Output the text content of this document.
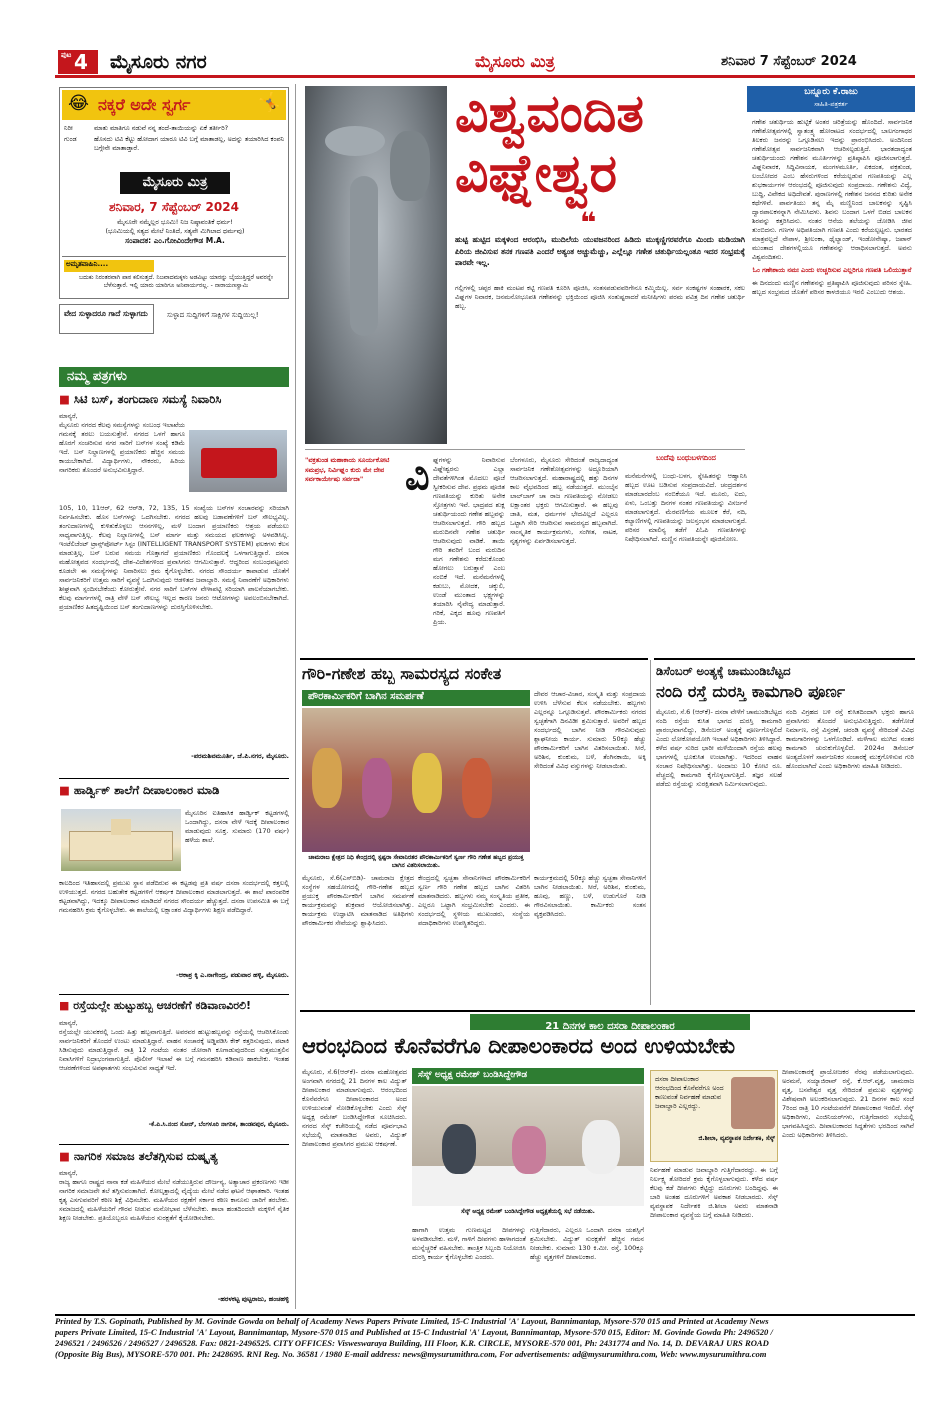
ಪುಟ 4 ಮೈಸೂರು ನಗರ	ಮೈಸೂರು ಮಿತ್ರ	ಶನಿವಾರ 7 ಸೆಪ್ಟೆಂಬರ್ 2024
😂 ನಕ್ಕರೆ ಅದೇ ಸ್ವರ್ಗ	🤸
ನಿರೀ	ಮಾತು ಮಾತಿಗೂ ನಡುವೆ ನನ್ನ ತಂದೆ-ತಾಯಿಯನ್ನು ಏಕೆ ತರ್ತೀರಿ?
ಗುಂಡ	ಹೊಸದು ಟಿವಿ ಕೆಟ್ಟು ಹೋದಾಗ ಯಾರೂ ಟಿವಿ ಬಗ್ಗೆ ಮಾತಾಡಲ್ಲ, ಅದನ್ನು ತಯಾರಿಸಿದ ಕಂಪನಿ ಬಗ್ಗೇನೇ ಮಾತಾಡ್ತಾರೆ.
ಮೈಸೂರು ಮಿತ್ರ
ಶನಿವಾರ, 7 ಸೆಪ್ಟೆಂಬರ್ 2024
ಮೈಸೂರೇ ನಮ್ಮೆಲ್ಲರ ಭೂಮಿ! ನಿಜ ನಿಷ್ಠಾವಂತಿಕೆ ಧರ್ಮ!
(ಭೂಮಿಯಲ್ಲಿ ಸತ್ಯದ ಮೇಲೆ ನಿಂತಿದೆ, ಸತ್ಯವೇ ಮಿಗಿಲಾದ ಧರ್ಮವು)
ಸಂಪಾದಕ: ಎಂ.ಗೋವಿಂದೇಗೌಡ M.A.
ಅಮೃತವಾಹಿನಿ....
ಬದುಕು ನಿರಂತರವಾಗಿ ಪಾಠ ಕಲಿಸುತ್ತದೆ. ನಿಜವಾದಮಕ್ಕಳು ಅಡವಿಟ್ಟು ಯಾರನ್ನು ಬೈಯುತ್ತಿದ್ದರೆ ಅವರನ್ನೇ ಬೆಳೆಸುತ್ತಾರೆ. ಇಲ್ಲಿ ಯಾರು ಯಾರಿಗೂ ಅನಿವಾರ್ಯರಲ್ಲ. - ನಾರಾಯಣಸ್ವಾಮಿ
ವೇದ ಸುಳ್ಳಾದರೂ ಗಾದೆ ಸುಳ್ಳಾಗದು	ಸುಳ್ಳಾದ ಸುದ್ದಿಗಳಿಗೆ ಸಾಕ್ಷಿಗಳ ಸುದ್ದಿಯಿಲ್ಲ!
ನಮ್ಮ ಪತ್ರಗಳು
■ ಸಿಟಿ ಬಸ್, ತಂಗುದಾಣ ಸಮಸ್ಯೆ ನಿವಾರಿಸಿ
ಮಾನ್ಯರೆ,
ಮೈಸೂರು ನಗರದ ಕೆಲವು ಸಮಸ್ಯೆಗಳನ್ನು ಸಂಬಂಧ ಇಲಾಖೆಯ ಗಮನಕ್ಕೆ ತರಲು ಬಯಸುತ್ತೇನೆ. ನಗರದ ಒಳಗೆ ಹಾಗೂ ಹೊರಗೆ ಸಂಚರಿಸುವ ನಗರ ಸಾರಿಗೆ ಬಸ್‌ಗಳ ಸಂಖ್ಯೆ ಕಡಿಮೆ ಇದೆ. ಬಸ್ ನಿಲ್ದಾಣಗಳಲ್ಲಿ ಪ್ರಯಾಣಿಕರು ಹೆಚ್ಚಿನ ಸಮಯ ಕಾಯಬೇಕಾಗಿದೆ. ವಿದ್ಯಾರ್ಥಿಗಳು, ನೌಕರರು, ಹಿರಿಯ ನಾಗರಿಕರು ತೊಂದರೆ ಅನುಭವಿಸುತ್ತಿದ್ದಾರೆ.
105, 10, 11ಆರ್, 62 ಆರ್‌ಡಿ, 72, 135, 15 ಸಂಖ್ಯೆಯ ಬಸ್‌ಗಳ ಸಂಚಾರವನ್ನು ಸರಿಯಾಗಿ ನಿರ್ವಹಿಸಬೇಕು. ಹೊಸ ಬಸ್‌ಗಳನ್ನು ಒದಗಿಸಬೇಕು. ನಗರದ ಹಲವು ಬಡಾವಣೆಗಳಿಗೆ ಬಸ್ ಸೌಲಭ್ಯವಿಲ್ಲ. ತಂಗುದಾಣಗಳಲ್ಲಿ ಕುಳಿತುಕೊಳ್ಳಲು ಆಸನಗಳಿಲ್ಲ, ಮಳೆ ಬಂದಾಗ ಪ್ರಯಾಣಿಕರು ಆಶ್ರಯ ಪಡೆಯಲು ಸಾಧ್ಯವಾಗುತ್ತಿಲ್ಲ. ಕೆಲವು ನಿಲ್ದಾಣಗಳಲ್ಲಿ ಬಸ್ ಮಾರ್ಗ ಮತ್ತು ಸಮಯದ ಫಲಕಗಳನ್ನು ಅಳವಡಿಸಿಲ್ಲ. ಇಂಟೆಲಿಜೆಂಟ್ ಟ್ರಾನ್ಸ್‌ಪೋರ್ಟ್ ಸಿಸ್ಟಂ (INTELLIGENT TRANSPORT SYSTEM) ಫಲಕಗಳು ಕೆಲಸ ಮಾಡುತ್ತಿಲ್ಲ. ಬಸ್ ಬರುವ ಸಮಯ ಗೊತ್ತಾಗದೆ ಪ್ರಯಾಣಿಕರು ಗೊಂದಲಕ್ಕೆ ಒಳಗಾಗುತ್ತಿದ್ದಾರೆ. ದಸರಾ ಮಹೋತ್ಸವದ ಸಂದರ್ಭದಲ್ಲಿ ದೇಶ-ವಿದೇಶಗಳಿಂದ ಪ್ರವಾಸಿಗರು ಆಗಮಿಸುತ್ತಾರೆ. ಆದ್ದರಿಂದ ಸಂಬಂಧಪಟ್ಟವರು ಕೂಡಲೇ ಈ ಸಮಸ್ಯೆಗಳನ್ನು ನಿವಾರಿಸಲು ಕ್ರಮ ಕೈಗೊಳ್ಳಬೇಕು. ನಗರದ ಸೌಂದರ್ಯ ಕಾಪಾಡುವ ಜೊತೆಗೆ ಸಾರ್ವಜನಿಕರಿಗೆ ಉತ್ತಮ ಸಾರಿಗೆ ವ್ಯವಸ್ಥೆ ಒದಗಿಸುವುದು ಆಡಳಿತದ ಜವಾಬ್ದಾರಿ. ಸಮಸ್ಯೆ ನಿವಾರಣೆಗೆ ಅಧಿಕಾರಿಗಳು ಶೀಘ್ರವಾಗಿ ಸ್ಪಂದಿಸಬೇಕೆಂದು ಕೋರುತ್ತೇನೆ. ನಗರ ಸಾರಿಗೆ ಬಸ್‌ಗಳ ವೇಳಾಪಟ್ಟಿ ಸರಿಯಾಗಿ ಪಾಲನೆಯಾಗಬೇಕು. ಕೆಲವು ಮಾರ್ಗಗಳಲ್ಲಿ ರಾತ್ರಿ ವೇಳೆ ಬಸ್ ಸೌಲಭ್ಯ ಇಲ್ಲದ ಕಾರಣ ಜನರು ಆಟೋಗಳನ್ನು ಅವಲಂಬಿಸಬೇಕಾಗಿದೆ. ಪ್ರಯಾಣಿಕರ ಹಿತದೃಷ್ಟಿಯಿಂದ ಬಸ್ ತಂಗುದಾಣಗಳನ್ನು ದುರಸ್ತಿಗೊಳಿಸಬೇಕು.
-ಪರಮಶಿವಮೂರ್ತಿ, ಜೆ.ಪಿ.ನಗರ, ಮೈಸೂರು.
■ ಹಾರ್ಡ್ವಿಕ್ ಶಾಲೆಗೆ ದೀಪಾಲಂಕಾರ ಮಾಡಿ
ಮೈಸೂರಿನ ಐತಿಹಾಸಿಕ ಹಾರ್ಡ್ವಿಕ್ ಕಟ್ಟಡಗಳಲ್ಲಿ ಒಂದಾಗಿದ್ದು, ದಸರಾ ವೇಳೆ ಇದಕ್ಕೆ ದೀಪಾಲಂಕಾರ ಮಾಡುವುದು ಸೂಕ್ತ. ಸುಮಾರು (170 ವರ್ಷ) ಹಳೆಯ ಶಾಲೆ.
ಕಾಲದಿಂದ ಇತಿಹಾಸದಲ್ಲಿ ಪ್ರಮುಖ ಸ್ಥಾನ ಪಡೆದಿರುವ ಈ ಕಟ್ಟಡವು ಪ್ರತಿ ವರ್ಷ ದಸರಾ ಸಂದರ್ಭದಲ್ಲಿ ಕತ್ತಲಲ್ಲಿ ಉಳಿಯುತ್ತದೆ. ನಗರದ ಬಹುತೇಕ ಕಟ್ಟಡಗಳಿಗೆ ಆಕರ್ಷಕ ದೀಪಾಲಂಕಾರ ಮಾಡಲಾಗುತ್ತದೆ. ಈ ಶಾಲೆ ಪಾರಂಪರಿಕ ಕಟ್ಟಡವಾಗಿದ್ದು, ಇದಕ್ಕೂ ದೀಪಾಲಂಕಾರ ಮಾಡಿದರೆ ನಗರದ ಸೌಂದರ್ಯ ಹೆಚ್ಚುತ್ತದೆ. ದಸರಾ ಉಪಸಮಿತಿ ಈ ಬಗ್ಗೆ ಗಮನಹರಿಸಿ ಕ್ರಮ ಕೈಗೊಳ್ಳಬೇಕು. ಈ ಶಾಲೆಯಲ್ಲಿ ಲಕ್ಷಾಂತರ ವಿದ್ಯಾರ್ಥಿಗಳು ಶಿಕ್ಷಣ ಪಡೆದಿದ್ದಾರೆ.
-ಆಕಾಶ್ರ ಕ್ಕಿ ಎ.ನಾಗೇಂದ್ರ, ಪಡುವಾರ ಹಳ್ಳಿ, ಮೈಸೂರು.
■ ರಸ್ತೆಯಲ್ಲೇ ಹುಟ್ಟುಹಬ್ಬ ಆಚರಣೆಗೆ ಕಡಿವಾಣವಿರಲಿ!
ಮಾನ್ಯರೆ,
ರಸ್ತೆಯಲ್ಲೇ ಯುವಕರಲ್ಲಿ ಒಂದು ಹಿತ್ತು ಹಬ್ಬವಾಗುತ್ತಿದೆ. ಅವರವರ ಹುಟ್ಟುಹಬ್ಬವನ್ನು ರಸ್ತೆಯಲ್ಲಿ ಆಚರಿಸಿಕೊಂಡು ಸಾರ್ವಜನಿಕರಿಗೆ ತೊಂದರೆ ಉಂಟು ಮಾಡುತ್ತಿದ್ದಾರೆ. ವಾಹನ ಸಂಚಾರಕ್ಕೆ ಅಡ್ಡಿಪಡಿಸಿ ಕೇಕ್ ಕತ್ತರಿಸುವುದು, ಪಟಾಕಿ ಸಿಡಿಸುವುದು ಮಾಡುತ್ತಿದ್ದಾರೆ. ರಾತ್ರಿ 12 ಗಂಟೆಯ ನಂತರ ಜೋರಾಗಿ ಕೂಗಾಡುವುದರಿಂದ ಸುತ್ತಮುತ್ತಲಿನ ನಿವಾಸಿಗಳಿಗೆ ನಿದ್ರಾಭಂಗವಾಗುತ್ತಿದೆ. ಪೊಲೀಸ್ ಇಲಾಖೆ ಈ ಬಗ್ಗೆ ಗಮನಹರಿಸಿ ಕಡಿವಾಣ ಹಾಕಬೇಕು. ಇಂತಹ ಆಚರಣೆಗಳಿಂದ ಅಪಘಾತಗಳು ಸಂಭವಿಸುವ ಸಾಧ್ಯತೆ ಇದೆ.
-ಕೆ.ಪಿ.ಸಿ.ನಂದ ಸೋನ್, ಬೆಂಗಳೂರಿ ನಾಗರಿಕ, ತಾಂಡವಪುರ, ಮೈಸೂರು.
■ ನಾಗರಿಕ ಸಮಾಜ ತಲೆತಗ್ಗಿಸುವ ದುಷ್ಕೃತ್ಯ
ಮಾನ್ಯರೆ,
ರಾಜ್ಯ ಹಾಗೂ ರಾಷ್ಟ್ರದ ನಾನಾ ಕಡೆ ಮಹಿಳೆಯರ ಮೇಲೆ ನಡೆಯುತ್ತಿರುವ ದೌರ್ಜನ್ಯ, ಅತ್ಯಾಚಾರ ಪ್ರಕರಣಗಳು ಇಡೀ ನಾಗರಿಕ ಸಮಾಜವೇ ತಲೆ ತಗ್ಗಿಸುವಂತಾಗಿದೆ. ಕೋಲ್ಕತ್ತಾದಲ್ಲಿ ವೈದ್ಯೆಯ ಮೇಲೆ ನಡೆದ ಘಟನೆ ಆಘಾತಕಾರಿ. ಇಂತಹ ಕೃತ್ಯ ಎಸಗುವವರಿಗೆ ಕಠಿಣ ಶಿಕ್ಷೆ ವಿಧಿಸಬೇಕು. ಮಹಿಳೆಯರ ರಕ್ಷಣೆಗೆ ಸರ್ಕಾರ ಕಠಿಣ ಕಾನೂನು ಜಾರಿಗೆ ತರಬೇಕು. ಸಮಾಜದಲ್ಲಿ ಮಹಿಳೆಯರಿಗೆ ಗೌರವ ನೀಡುವ ಮನೋಭಾವ ಬೆಳೆಸಬೇಕು. ಶಾಲಾ ಹಂತದಿಂದಲೇ ಮಕ್ಕಳಿಗೆ ನೈತಿಕ ಶಿಕ್ಷಣ ನೀಡಬೇಕು. ಪ್ರತಿಯೊಬ್ಬರೂ ಮಹಿಳೆಯರ ಸುರಕ್ಷತೆಗೆ ಕೈಜೋಡಿಸಬೇಕು.
-ಹರಳಕಟ್ಟ ಪುಟ್ಟರಾಜು, ಹಂಚಹಳ್ಳಿ
ವಿಶ್ವವಂದಿತ
ವಿಘ್ನೇಶ್ವರ
ಬನ್ನೂರು ಕೆ.ರಾಜು
ಸಾಹಿತಿ-ಪತ್ರಕರ್ತ
ಗಣೇಶ ಚತುರ್ಥಿಯ ಹುಟ್ಟಿಕೆ ಅಂತರ ಚರಿತ್ರೆಯನ್ನು ಹೊಂದಿದೆ. ಸಾರ್ವಜನಿಕ ಗಣೇಶೋತ್ಸವಗಳಲ್ಲಿ ಸ್ವಾತಂತ್ರ್ಯ ಹೋರಾಟದ ಸಂದರ್ಭದಲ್ಲಿ ಬಾಲಗಂಗಾಧರ ತಿಲಕರು ಜನರನ್ನು ಒಗ್ಗೂಡಿಸಲು ಇದನ್ನು ಪ್ರಾರಂಭಿಸಿದರು. ಅಂದಿನಿಂದ ಗಣೇಶೋತ್ಸವ ಸಾರ್ವಜನಿಕವಾಗಿ ಆಚರಿಸಲ್ಪಡುತ್ತಿದೆ. ಭಾರತದಾದ್ಯಂತ ಚತುರ್ಥಿಯಂದು ಗಣೇಶನ ಮೂರ್ತಿಗಳನ್ನು ಪ್ರತಿಷ್ಠಾಪಿಸಿ ಪೂಜಿಸಲಾಗುತ್ತದೆ. ವಿಘ್ನನಿವಾರಕ, ಸಿದ್ಧಿವಿನಾಯಕ, ಮಂಗಳಮೂರ್ತಿ, ಏಕದಂತ, ವಕ್ರತುಂಡ, ಲಂಬೋದರ ಎಂಬ ಹೆಸರುಗಳಿಂದ ಕರೆಯಲ್ಪಡುವ ಗಣಪತಿಯನ್ನು ಎಲ್ಲ ಶುಭಕಾರ್ಯಗಳ ಆರಂಭದಲ್ಲಿ ಪೂಜಿಸುವುದು ಸಂಪ್ರದಾಯ. ಗಣೇಶನು ವಿದ್ಯೆ, ಬುದ್ಧಿ, ವಿವೇಕದ ಅಧಿದೇವತೆ. ಪುರಾಣಗಳಲ್ಲಿ ಗಣೇಶನ ಜನನದ ಕುರಿತು ಅನೇಕ ಕಥೆಗಳಿವೆ. ಪಾರ್ವತಿಯು ತನ್ನ ಮೈ ಮಣ್ಣಿನಿಂದ ಬಾಲಕನನ್ನು ಸೃಷ್ಟಿಸಿ ದ್ವಾರಪಾಲಕನನ್ನಾಗಿ ನೇಮಿಸಿದಳು. ಶಿವನು ಬಂದಾಗ ಒಳಗೆ ಬಿಡದ ಬಾಲಕನ ಶಿರವನ್ನು ಕತ್ತರಿಸಿದನು. ನಂತರ ಆನೆಯ ತಲೆಯನ್ನು ಜೋಡಿಸಿ ಜೀವ ತುಂಬಿದನು. ಗಣಗಳ ಅಧಿಪತಿಯಾಗಿ ಗಣಪತಿ ಎಂದು ಕರೆಯಲ್ಪಟ್ಟನು. ಭಾರತದ ಮಾತ್ರವಲ್ಲದೆ ನೇಪಾಳ, ಶ್ರೀಲಂಕಾ, ಥೈಲ್ಯಾಂಡ್, ಇಂಡೋನೇಷ್ಯಾ, ಜಪಾನ್ ಮುಂತಾದ ದೇಶಗಳಲ್ಲಿಯೂ ಗಣೇಶನನ್ನು ಆರಾಧಿಸಲಾಗುತ್ತದೆ. ಅವನು ವಿಶ್ವವಂದಿತನು.
ಓಂ ಗಣೇಶಾಯ ನಮಃ ಎಂದು ಉಚ್ಚರಿಸುವ ಎಲ್ಲರಿಗೂ ಗಣಪತಿ ಒಲಿಯುತ್ತಾನೆ
ಈ ದಿನದಂದು ಮಣ್ಣಿನ ಗಣೇಶನನ್ನು ಪ್ರತಿಷ್ಠಾಪಿಸಿ ಪೂಜಿಸುವುದು ಪರಿಸರ ಸ್ನೇಹಿ. ಹಬ್ಬದ ಸಂಭ್ರಮದ ಜೊತೆಗೆ ಪರಿಸರ ಕಾಳಜಿಯೂ ಇರಲಿ ಎಂಬುದು ಆಶಯ.
❝
ಹುಟ್ಟಿ ಹುಟ್ಟಿದ ಮಕ್ಕಳಿಂದ ಆರಂಭಿಸಿ, ಮುದಿಲೆಯ ಯುವಜನರಿಂದ ಹಿಡಿದು ಮುಕ್ಕಣ್ಣಿಗರವರೆಗೂ ಮಿಂದು ಮಡಿಯಾಗಿ ಪಿರಿಯ ಜೀವಿಸುವ ತನಕ ಗಣಪತಿ ಎಂದರೆ ಅತ್ಯಂತ ಅಚ್ಚುಮೆಚ್ಚು, ಎಲ್ಲೆಲ್ಲೂ ಗಣೇಶ ಚತುರ್ಥಿಯಲ್ಲಂತೂ ಇದರ ಸಂಭ್ರಮಕ್ಕೆ ಪಾರವೇ ಇಲ್ಲ.
ಗಲ್ಲಿಗಳಲ್ಲಿ ಚಪ್ಪರ ಹಾಕಿ ಮಂಟಪ ಕಟ್ಟಿ ಗಣಪತಿ ಕೂರಿಸಿ ಪೂಜಿಸಿ, ಸಂತಸಪಡುವವರಿಗೇನೂ ಕಮ್ಮಿಯಿಲ್ಲ. ಸರ್ವ ಸಂಕಷ್ಟಗಳ ಸಂಹಾರಕ, ಸಕಲ ವಿಘ್ನಗಳ ನಿವಾರಕ, ಜನಮನೋಭೂಪತಿ ಗಣೇಶನನ್ನು ಭಕ್ತಿಯಿಂದ ಪೂಜಿಸಿ ಸಂತುಷ್ಟರಾದರೆ ಮನೀಷಿಗಳು ಪರಮ ಪವಿತ್ರ ದಿನ ಗಣೇಶ ಚತುರ್ಥಿ ಹಬ್ಬ.
"ವಕ್ರತುಂಡ ಮಹಾಕಾಯ ಸೂರ್ಯಕೋಟಿ ಸಮಪ್ರಭ, ನಿರ್ವಿಘ್ನಂ ಕುರು ಮೇ ದೇವ ಸರ್ವಕಾರ್ಯೇಷು ಸರ್ವದಾ"	ವಿ ಘ್ನಗಳನ್ನು ನಿವಾರಿಸುವ ವಿಘ್ನೇಶ್ವರನು ಎಲ್ಲಾ ದೇವತೆಗಳಿಗಿಂತ ಮೊದಲು ಪೂಜೆ ಸ್ವೀಕರಿಸುವ ದೇವ. ಪ್ರಥಮ ಪೂಜಿತ ಗಣಪತಿಯನ್ನು ಕುರಿತು ಅನೇಕ ಸ್ತೋತ್ರಗಳು ಇವೆ. ಭಾದ್ರಪದ ಶುಕ್ಲ ಚತುರ್ಥಿಯಂದು ಗಣೇಶ ಹಬ್ಬವನ್ನು ಆಚರಿಸಲಾಗುತ್ತದೆ. ಗೌರಿ ಹಬ್ಬದ ಮರುದಿನವೇ ಗಣೇಶ ಚತುರ್ಥಿ ಆಚರಿಸುವುದು ವಾಡಿಕೆ. ತಾಯಿ ಗೌರಿ ತವರಿಗೆ ಬಂದ ಮರುದಿನ ಮಗ ಗಣೇಶನು ಕರೆದುಕೊಂಡು ಹೋಗಲು ಬರುತ್ತಾನೆ ಎಂಬ ನಂಬಿಕೆ ಇದೆ. ಮನೆಮನೆಗಳಲ್ಲಿ ಕಡುಬು, ಮೋದಕ, ಚಕ್ಕುಲಿ, ಉಂಡೆ ಮುಂತಾದ ಭಕ್ಷ್ಯಗಳನ್ನು ತಯಾರಿಸಿ ನೈವೇದ್ಯ ಮಾಡುತ್ತಾರೆ. ಗರಿಕೆ, ಎಕ್ಕದ ಹೂವು ಗಣಪತಿಗೆ ಪ್ರಿಯ.
ಬೆಂಗಳೂರು, ಮೈಸೂರು ಸೇರಿದಂತೆ ರಾಜ್ಯದಾದ್ಯಂತ ಸಾರ್ವಜನಿಕ ಗಣೇಶೋತ್ಸವಗಳನ್ನು ಅದ್ದೂರಿಯಾಗಿ ಆಚರಿಸಲಾಗುತ್ತದೆ. ಮಹಾರಾಷ್ಟ್ರದಲ್ಲಿ ಹತ್ತು ದಿನಗಳ ಕಾಲ ವೈಭವದಿಂದ ಹಬ್ಬ ನಡೆಯುತ್ತದೆ. ಮುಂಬೈನ ಲಾಲ್‌ಬಾಗ್ ಚಾ ರಾಜ ಗಣಪತಿಯನ್ನು ನೋಡಲು ಲಕ್ಷಾಂತರ ಭಕ್ತರು ಆಗಮಿಸುತ್ತಾರೆ. ಈ ಹಬ್ಬವು ಜಾತಿ, ಮತ, ಧರ್ಮಗಳ ಭೇದವಿಲ್ಲದೆ ಎಲ್ಲರೂ ಒಟ್ಟಾಗಿ ಸೇರಿ ಆಚರಿಸುವ ಸಾಮರಸ್ಯದ ಹಬ್ಬವಾಗಿದೆ. ಸಾಂಸ್ಕೃತಿಕ ಕಾರ್ಯಕ್ರಮಗಳು, ಸಂಗೀತ, ನಾಟಕ, ನೃತ್ಯಗಳನ್ನು ಏರ್ಪಡಿಸಲಾಗುತ್ತದೆ.
ಬಂದೆವು ಬಂಧುಬಳಗದಿಂದ
ಮನೆಮನೆಗಳಲ್ಲಿ ಬಂಧು-ಬಳಗ, ಸ್ನೇಹಿತರನ್ನು ಆಹ್ವಾನಿಸಿ ಹಬ್ಬದ ಊಟ ಬಡಿಸುವ ಸಂಪ್ರದಾಯವಿದೆ. ಚಂದ್ರದರ್ಶನ ಮಾಡಬಾರದೆಂಬ ನಂಬಿಕೆಯೂ ಇದೆ. ಮೂರು, ಐದು, ಏಳು, ಒಂಬತ್ತು ದಿನಗಳ ನಂತರ ಗಣಪತಿಯನ್ನು ವಿಸರ್ಜನೆ ಮಾಡಲಾಗುತ್ತದೆ. ಮೆರವಣಿಗೆಯ ಮೂಲಕ ಕೆರೆ, ನದಿ, ಕಲ್ಯಾಣಿಗಳಲ್ಲಿ ಗಣಪತಿಯನ್ನು ಜಲಸ್ತಂಭನ ಮಾಡಲಾಗುತ್ತದೆ. ಪರಿಸರ ಮಾಲಿನ್ಯ ತಡೆಗೆ ಪಿಓಪಿ ಗಣಪತಿಗಳನ್ನು ನಿಷೇಧಿಸಲಾಗಿದೆ. ಮಣ್ಣಿನ ಗಣಪತಿಯನ್ನೇ ಪೂಜಿಸೋಣ.
ಗೌರಿ-ಗಣೇಶ ಹಬ್ಬ ಸಾಮರಸ್ಯದ ಸಂಕೇತ
ಪೌರಕಾರ್ಮಿಕರಿಗೆ ಬಾಗಿನ ಸಮರ್ಪಣೆ
ಚಾಮರಾಜ ಕ್ಷೇತ್ರದ ನಿಧಿ ಕೇಂದ್ರದಲ್ಲಿ ಸ್ಪಷ್ಟರಾ ಸೇವಾನಿರತರ ಪೌರಕಾರ್ಮಿಕರಿಗೆ ಸ್ವರ್ಣ ಗೌರಿ ಗಣೇಶ ಹಬ್ಬದ ಪ್ರಯುಕ್ತ ಬಾಗಿನ ವಿತರಿಸಲಾಯಿತು.
ದೇವರ ಆಚಾರ-ವಿಚಾರ, ಸಂಸ್ಕೃತಿ ಮತ್ತು ಸಂಪ್ರದಾಯ ಉಳಿಸಿ ಬೆಳೆಸುವ ಕೆಲಸ ನಡೆಯಬೇಕು. ಹಬ್ಬಗಳು ಎಲ್ಲರನ್ನೂ ಒಗ್ಗೂಡಿಸುತ್ತವೆ. ಪೌರಕಾರ್ಮಿಕರು ನಗರದ ಸ್ವಚ್ಛತೆಗಾಗಿ ದಿನವಿಡೀ ಶ್ರಮಿಸುತ್ತಾರೆ. ಅವರಿಗೆ ಹಬ್ಬದ ಸಂದರ್ಭದಲ್ಲಿ ಬಾಗಿನ ನೀಡಿ ಗೌರವಿಸುವುದು ಶ್ಲಾಘನೀಯ ಕಾರ್ಯ. ಸುಮಾರು 50ಕ್ಕೂ ಹೆಚ್ಚು ಪೌರಕಾರ್ಮಿಕರಿಗೆ ಬಾಗಿನ ವಿತರಿಸಲಾಯಿತು. ಸೀರೆ, ಅರಿಶಿನ, ಕುಂಕುಮ, ಬಳೆ, ತೆಂಗಿನಕಾಯಿ, ಅಕ್ಕಿ ಸೇರಿದಂತೆ ವಿವಿಧ ವಸ್ತುಗಳನ್ನು ನೀಡಲಾಯಿತು.
ಮೈಸೂರು, ಸೆ.6(ಎಸ್‌ಬಿಡಿ)- ಚಾಮರಾಜ ಕ್ಷೇತ್ರದ ಸಂಸ್ಥೆಗಳ ಸಹಯೋಗದಲ್ಲಿ ಗೌರಿ-ಗಣೇಶ ಹಬ್ಬದ ಪ್ರಯುಕ್ತ ಪೌರಕಾರ್ಮಿಕರಿಗೆ ಬಾಗಿನ ಸಮರ್ಪಣೆ ಕಾರ್ಯಕ್ರಮವನ್ನು ಶುಕ್ರವಾರ ಆಯೋಜಿಸಲಾಗಿತ್ತು. ಕಾರ್ಯಕ್ರಮ ಉದ್ಘಾಟಿಸಿ ಮಾತನಾಡಿದ ಅತಿಥಿಗಳು ಪೌರಕಾರ್ಮಿಕರ ಸೇವೆಯನ್ನು ಶ್ಲಾಘಿಸಿದರು.
ಕೇಂದ್ರದಲ್ಲಿ ಸ್ವಚ್ಛತಾ ಸೇನಾನಿಗಳಾದ ಪೌರಕಾರ್ಮಿಕರಿಗೆ ಸ್ವರ್ಣ ಗೌರಿ ಗಣೇಶ ಹಬ್ಬದ ಬಾಗಿನ ವಿತರಿಸಿ ಮಾತನಾಡಿದರು. ಹಬ್ಬಗಳು ನಮ್ಮ ಸಂಸ್ಕೃತಿಯ ಪ್ರತೀಕ, ಎಲ್ಲರೂ ಒಟ್ಟಾಗಿ ಸಂಭ್ರಮಿಸಬೇಕು ಎಂದರು. ಈ ಸಂದರ್ಭದಲ್ಲಿ ಸ್ಥಳೀಯ ಮುಖಂಡರು, ಸಂಸ್ಥೆಯ ಪದಾಧಿಕಾರಿಗಳು ಉಪಸ್ಥಿತರಿದ್ದರು.
ಕಾರ್ಯಕ್ರಮದಲ್ಲಿ 50ಕ್ಕೂ ಹೆಚ್ಚು ಸ್ವಚ್ಛತಾ ಸೇನಾನಿಗಳಿಗೆ ಬಾಗಿನ ನೀಡಲಾಯಿತು. ಸೀರೆ, ಅರಿಶಿನ, ಕುಂಕುಮ, ಹೂವು, ಹಣ್ಣು, ಬಳೆ, ಉಡುಗೊರೆ ನೀಡಿ ಗೌರವಿಸಲಾಯಿತು. ಕಾರ್ಮಿಕರು ಸಂತಸ ವ್ಯಕ್ತಪಡಿಸಿದರು.
ಡಿಸೆಂಬರ್ ಅಂತ್ಯಕ್ಕೆ ಚಾಮುಂಡಿಬೆಟ್ಟದ
ನಂದಿ ರಸ್ತೆ ದುರಸ್ತಿ ಕಾಮಗಾರಿ ಪೂರ್ಣ
ಮೈಸೂರು, ಸೆ.6 (ಆರ್‌ಕೆ)- ದಸರಾ ವೇಳೆಗೆ ಚಾಮುಂಡಿಬೆಟ್ಟದ ನಂದಿ ರಸ್ತೆಯ ಕುಸಿತ ಭಾಗದ ದುರಸ್ತಿ ಕಾಮಗಾರಿ ಪ್ರಾರಂಭವಾಗಲಿದ್ದು, ಡಿಸೆಂಬರ್ ಅಂತ್ಯಕ್ಕೆ ಪೂರ್ಣಗೊಳ್ಳಲಿದೆ ಎಂದು ಲೋಕೋಪಯೋಗಿ ಇಲಾಖೆ ಅಧಿಕಾರಿಗಳು ತಿಳಿಸಿದ್ದಾರೆ. ಕಳೆದ ವರ್ಷ ಸುರಿದ ಭಾರೀ ಮಳೆಯಿಂದಾಗಿ ರಸ್ತೆಯ ಹಲವು ಭಾಗಗಳಲ್ಲಿ ಭೂಕುಸಿತ ಉಂಟಾಗಿತ್ತು. ಇದರಿಂದ ವಾಹನ ಸಂಚಾರ ನಿಷೇಧಿಸಲಾಗಿತ್ತು. ಅಂದಾಜು 10 ಕೋಟಿ ರೂ. ವೆಚ್ಚದಲ್ಲಿ ಕಾಮಗಾರಿ ಕೈಗೊಳ್ಳಲಾಗುತ್ತಿದೆ. ತಜ್ಞರ ಸಲಹೆ ಪಡೆದು ರಸ್ತೆಯನ್ನು ಸುರಕ್ಷಿತವಾಗಿ ನಿರ್ಮಿಸಲಾಗುವುದು.
ನಂದಿ ವಿಗ್ರಹದ ಬಳಿ ರಸ್ತೆ ಕುಸಿತದಿಂದಾಗಿ ಭಕ್ತರು ಹಾಗೂ ಪ್ರವಾಸಿಗರು ತೊಂದರೆ ಅನುಭವಿಸುತ್ತಿದ್ದರು. ತಡೆಗೋಡೆ ನಿರ್ಮಾಣ, ರಸ್ತೆ ವಿಸ್ತರಣೆ, ಚರಂಡಿ ವ್ಯವಸ್ಥೆ ಸೇರಿದಂತೆ ವಿವಿಧ ಕಾಮಗಾರಿಗಳನ್ನು ಒಳಗೊಂಡಿದೆ. ಮಳೆಗಾಲ ಮುಗಿದ ನಂತರ ಕಾಮಗಾರಿ ಚುರುಕುಗೊಳ್ಳಲಿದೆ. 2024ರ ಡಿಸೆಂಬರ್ ಅಂತ್ಯದೊಳಗೆ ಸಾರ್ವಜನಿಕರ ಸಂಚಾರಕ್ಕೆ ಮುಕ್ತಗೊಳಿಸುವ ಗುರಿ ಹೊಂದಲಾಗಿದೆ ಎಂದು ಅಧಿಕಾರಿಗಳು ಮಾಹಿತಿ ನೀಡಿದರು.
21 ದಿನಗಳ ಕಾಲ ದಸರಾ ದೀಪಾಲಂಕಾರ
ಆರಂಭದಿಂದ ಕೊನೆವರೆಗೂ ದೀಪಾಲಂಕಾರದ ಅಂದ ಉಳಿಯಬೇಕು
ಮೈಸೂರು, ಸೆ.6(ಆರ್‌ಕೆ)- ದಸರಾ ಮಹೋತ್ಸವದ ಅಂಗವಾಗಿ ನಗರದಲ್ಲಿ 21 ದಿನಗಳ ಕಾಲ ವಿದ್ಯುತ್ ದೀಪಾಲಂಕಾರ ಮಾಡಲಾಗುವುದು. ಆರಂಭದಿಂದ ಕೊನೆವರೆಗೂ ದೀಪಾಲಂಕಾರದ ಅಂದ ಉಳಿಯುವಂತೆ ನೋಡಿಕೊಳ್ಳಬೇಕು ಎಂದು ಸೆಸ್ಕ್ ಅಧ್ಯಕ್ಷ ರಮೇಶ್ ಬಂಡಿಸಿದ್ದೇಗೌಡ ಸೂಚಿಸಿದರು. ನಗರದ ಸೆಸ್ಕ್ ಕಚೇರಿಯಲ್ಲಿ ನಡೆದ ಪೂರ್ವಭಾವಿ ಸಭೆಯಲ್ಲಿ ಮಾತನಾಡಿದ ಅವರು, ವಿದ್ಯುತ್ ದೀಪಾಲಂಕಾರ ಪ್ರವಾಸಿಗರ ಪ್ರಮುಖ ಆಕರ್ಷಣೆ.
ಸೆಸ್ಕ್ ಅಧ್ಯಕ್ಷ ರಮೇಶ್ ಬಂಡಿಸಿದ್ದೇಗೌಡ
ಸೆಸ್ಕ್ ಅಧ್ಯಕ್ಷ ರಮೇಶ್ ಬಂಡಿಸಿದ್ದೇಗೌಡ ಅಧ್ಯಕ್ಷತೆಯಲ್ಲಿ ಸಭೆ ನಡೆಯಿತು.
ಹಾಗಾಗಿ ಉತ್ತಮ ಗುಣಮಟ್ಟದ ದೀಪಗಳನ್ನು ಅಳವಡಿಸಬೇಕು. ಮಳೆ, ಗಾಳಿಗೆ ದೀಪಗಳು ಹಾಳಾಗದಂತೆ ಮುನ್ನೆಚ್ಚರಿಕೆ ವಹಿಸಬೇಕು. ತಾಂತ್ರಿಕ ಸಿಬ್ಬಂದಿ ನಿಯೋಜಿಸಿ ದುರಸ್ತಿ ಕಾರ್ಯ ಕೈಗೊಳ್ಳಬೇಕು ಎಂದರು.
ಗುತ್ತಿಗೆದಾರರು, ಎಲ್ಲರೂ ಒಂದಾಗಿ ದಸರಾ ಯಶಸ್ಸಿಗೆ ಶ್ರಮಿಸಬೇಕು. ವಿದ್ಯುತ್ ಸುರಕ್ಷತೆಗೆ ಹೆಚ್ಚಿನ ಗಮನ ನೀಡಬೇಕು. ಸುಮಾರು 130 ಕಿ.ಮೀ. ರಸ್ತೆ, 100ಕ್ಕೂ ಹೆಚ್ಚು ವೃತ್ತಗಳಿಗೆ ದೀಪಾಲಂಕಾರ.
ದಸರಾ ದೀಪಾಲಂಕಾರ ಆರಂಭದಿಂದ ಕೊನೆವರೆಗೂ ಅಂದ ಕಾಣುವಂತೆ ನಿರ್ವಹಣೆ ಮಾಡುವ ಜವಾಬ್ದಾರಿ ಎಲ್ಲರದ್ದು.
ಜಿ.ಶೀಲಾ, ವ್ಯವಸ್ಥಾಪಕ ನಿರ್ದೇಶಕಿ, ಸೆಸ್ಕ್
ನಿರ್ವಹಣೆ ಮಾಡುವ ಜವಾಬ್ದಾರಿ ಗುತ್ತಿಗೆದಾರರದ್ದು. ಈ ಬಗ್ಗೆ ನಿರ್ಲಕ್ಷ್ಯ ತೋರಿದರೆ ಕ್ರಮ ಕೈಗೊಳ್ಳಲಾಗುವುದು. ಕಳೆದ ವರ್ಷ ಕೆಲವು ಕಡೆ ದೀಪಗಳು ಕೆಟ್ಟಿದ್ದು ದೂರುಗಳು ಬಂದಿದ್ದವು. ಈ ಬಾರಿ ಅಂತಹ ದೂರುಗಳಿಗೆ ಅವಕಾಶ ನೀಡಬಾರದು. ಸೆಸ್ಕ್ ವ್ಯವಸ್ಥಾಪಕ ನಿರ್ದೇಶಕಿ ಜಿ.ಶೀಲಾ ಅವರು ಮಾತನಾಡಿ ದೀಪಾಲಂಕಾರ ವ್ಯವಸ್ಥೆಯ ಬಗ್ಗೆ ಮಾಹಿತಿ ನೀಡಿದರು.
ದೀಪಾಲಂಕಾರಕ್ಕೆ ಪ್ರಾಯೋಜಕರ ನೆರವು ಪಡೆಯಲಾಗುವುದು. ಅರಮನೆ, ಸಯ್ಯಾಜಿರಾವ್ ರಸ್ತೆ, ಕೆ.ಆರ್.ವೃತ್ತ, ಚಾಮರಾಜ ವೃತ್ತ, ಬಸವೇಶ್ವರ ವೃತ್ತ ಸೇರಿದಂತೆ ಪ್ರಮುಖ ವೃತ್ತಗಳನ್ನು ವಿಶೇಷವಾಗಿ ಅಲಂಕರಿಸಲಾಗುವುದು. 21 ದಿನಗಳ ಕಾಲ ಸಂಜೆ 7ರಿಂದ ರಾತ್ರಿ 10 ಗಂಟೆಯವರೆಗೆ ದೀಪಾಲಂಕಾರ ಇರಲಿದೆ. ಸೆಸ್ಕ್ ಅಧಿಕಾರಿಗಳು, ಎಂಜಿನಿಯರ್‌ಗಳು, ಗುತ್ತಿಗೆದಾರರು ಸಭೆಯಲ್ಲಿ ಭಾಗವಹಿಸಿದ್ದರು. ದೀಪಾಲಂಕಾರದ ಸಿದ್ಧತೆಗಳು ಭರದಿಂದ ಸಾಗಿವೆ ಎಂದು ಅಧಿಕಾರಿಗಳು ತಿಳಿಸಿದರು.
Printed by T.S. Gopinath, Published by M. Govinde Gowda on behalf of Academy News Papers Private Limited, 15-C Industrial 'A' Layout, Bannimantap, Mysore-570 015 and Printed at Academy News
papers Private Limited, 15-C Industrial 'A' Layout, Bannimantap, Mysore-570 015 and Published at 15-C Industrial 'A' Layout, Bannimantap, Mysore-570 015, Editor: M. Govinde Gowda Ph: 2496520 /
2496521 / 2496526 / 2496527 / 2496528. Fax: 0821-2496525. CITY OFFICES: Visweswaraya Building, III Floor, K.R. CIRCLE, MYSORE-570 001, Ph: 2431774 and No. 14, D. DEVARAJ URS ROAD
(Opposite Big Bus), MYSORE-570 001. Ph: 2428695. RNI Reg. No. 36581 / 1980 E-mail address: news@mysurumithra.com, For advertisements: ad@mysurumithra.com, Web: www.mysurumithra.com
